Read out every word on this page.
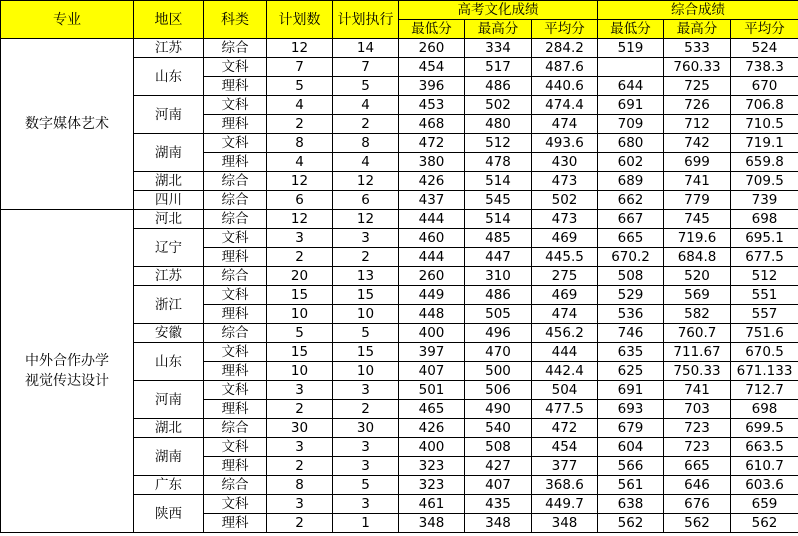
专业	地区	科类	计划数	计划执行	高考文化成绩			综合成绩		
					最低分	最高分	平均分	最低分	最高分	平均分

数字媒体艺术	江苏	综合	12	14	260	334	284.2	519	533	524
	山东	文科	7	7	454	517	487.6		760.33	738.3
		理科	5	5	396	486	440.6	644	725	670
	河南	文科	4	4	453	502	474.4	691	726	706.8
		理科	2	2	468	480	474	709	712	710.5
	湖南	文科	8	8	472	512	493.6	680	742	719.1
		理科	4	4	380	478	430	602	699	659.8
	湖北	综合	12	12	426	514	473	689	741	709.5
	四川	综合	6	6	437	545	502	662	779	739

中外合作办学
视觉传达设计	河北	综合	12	12	444	514	473	667	745	698
	辽宁	文科	3	3	460	485	469	665	719.6	695.1
		理科	2	2	444	447	445.5	670.2	684.8	677.5
	江苏	综合	20	13	260	310	275	508	520	512
	浙江	文科	15	15	449	486	469	529	569	551
		理科	10	10	448	505	474	536	582	557
	安徽	综合	5	5	400	496	456.2	746	760.7	751.6
	山东	文科	15	15	397	470	444	635	711.67	670.5
		理科	10	10	407	500	442.4	625	750.33	671.133
	河南	文科	3	3	501	506	504	691	741	712.7
		理科	2	2	465	490	477.5	693	703	698
	湖北	综合	30	30	426	540	472	679	723	699.5
	湖南	文科	3	3	400	508	454	604	723	663.5
		理科	2	3	323	427	377	566	665	610.7
	广东	综合	8	5	323	407	368.6	561	646	603.6
	陕西	文科	3	3	461	435	449.7	638	676	659
		理科	2	1	348	348	348	562	562	562
